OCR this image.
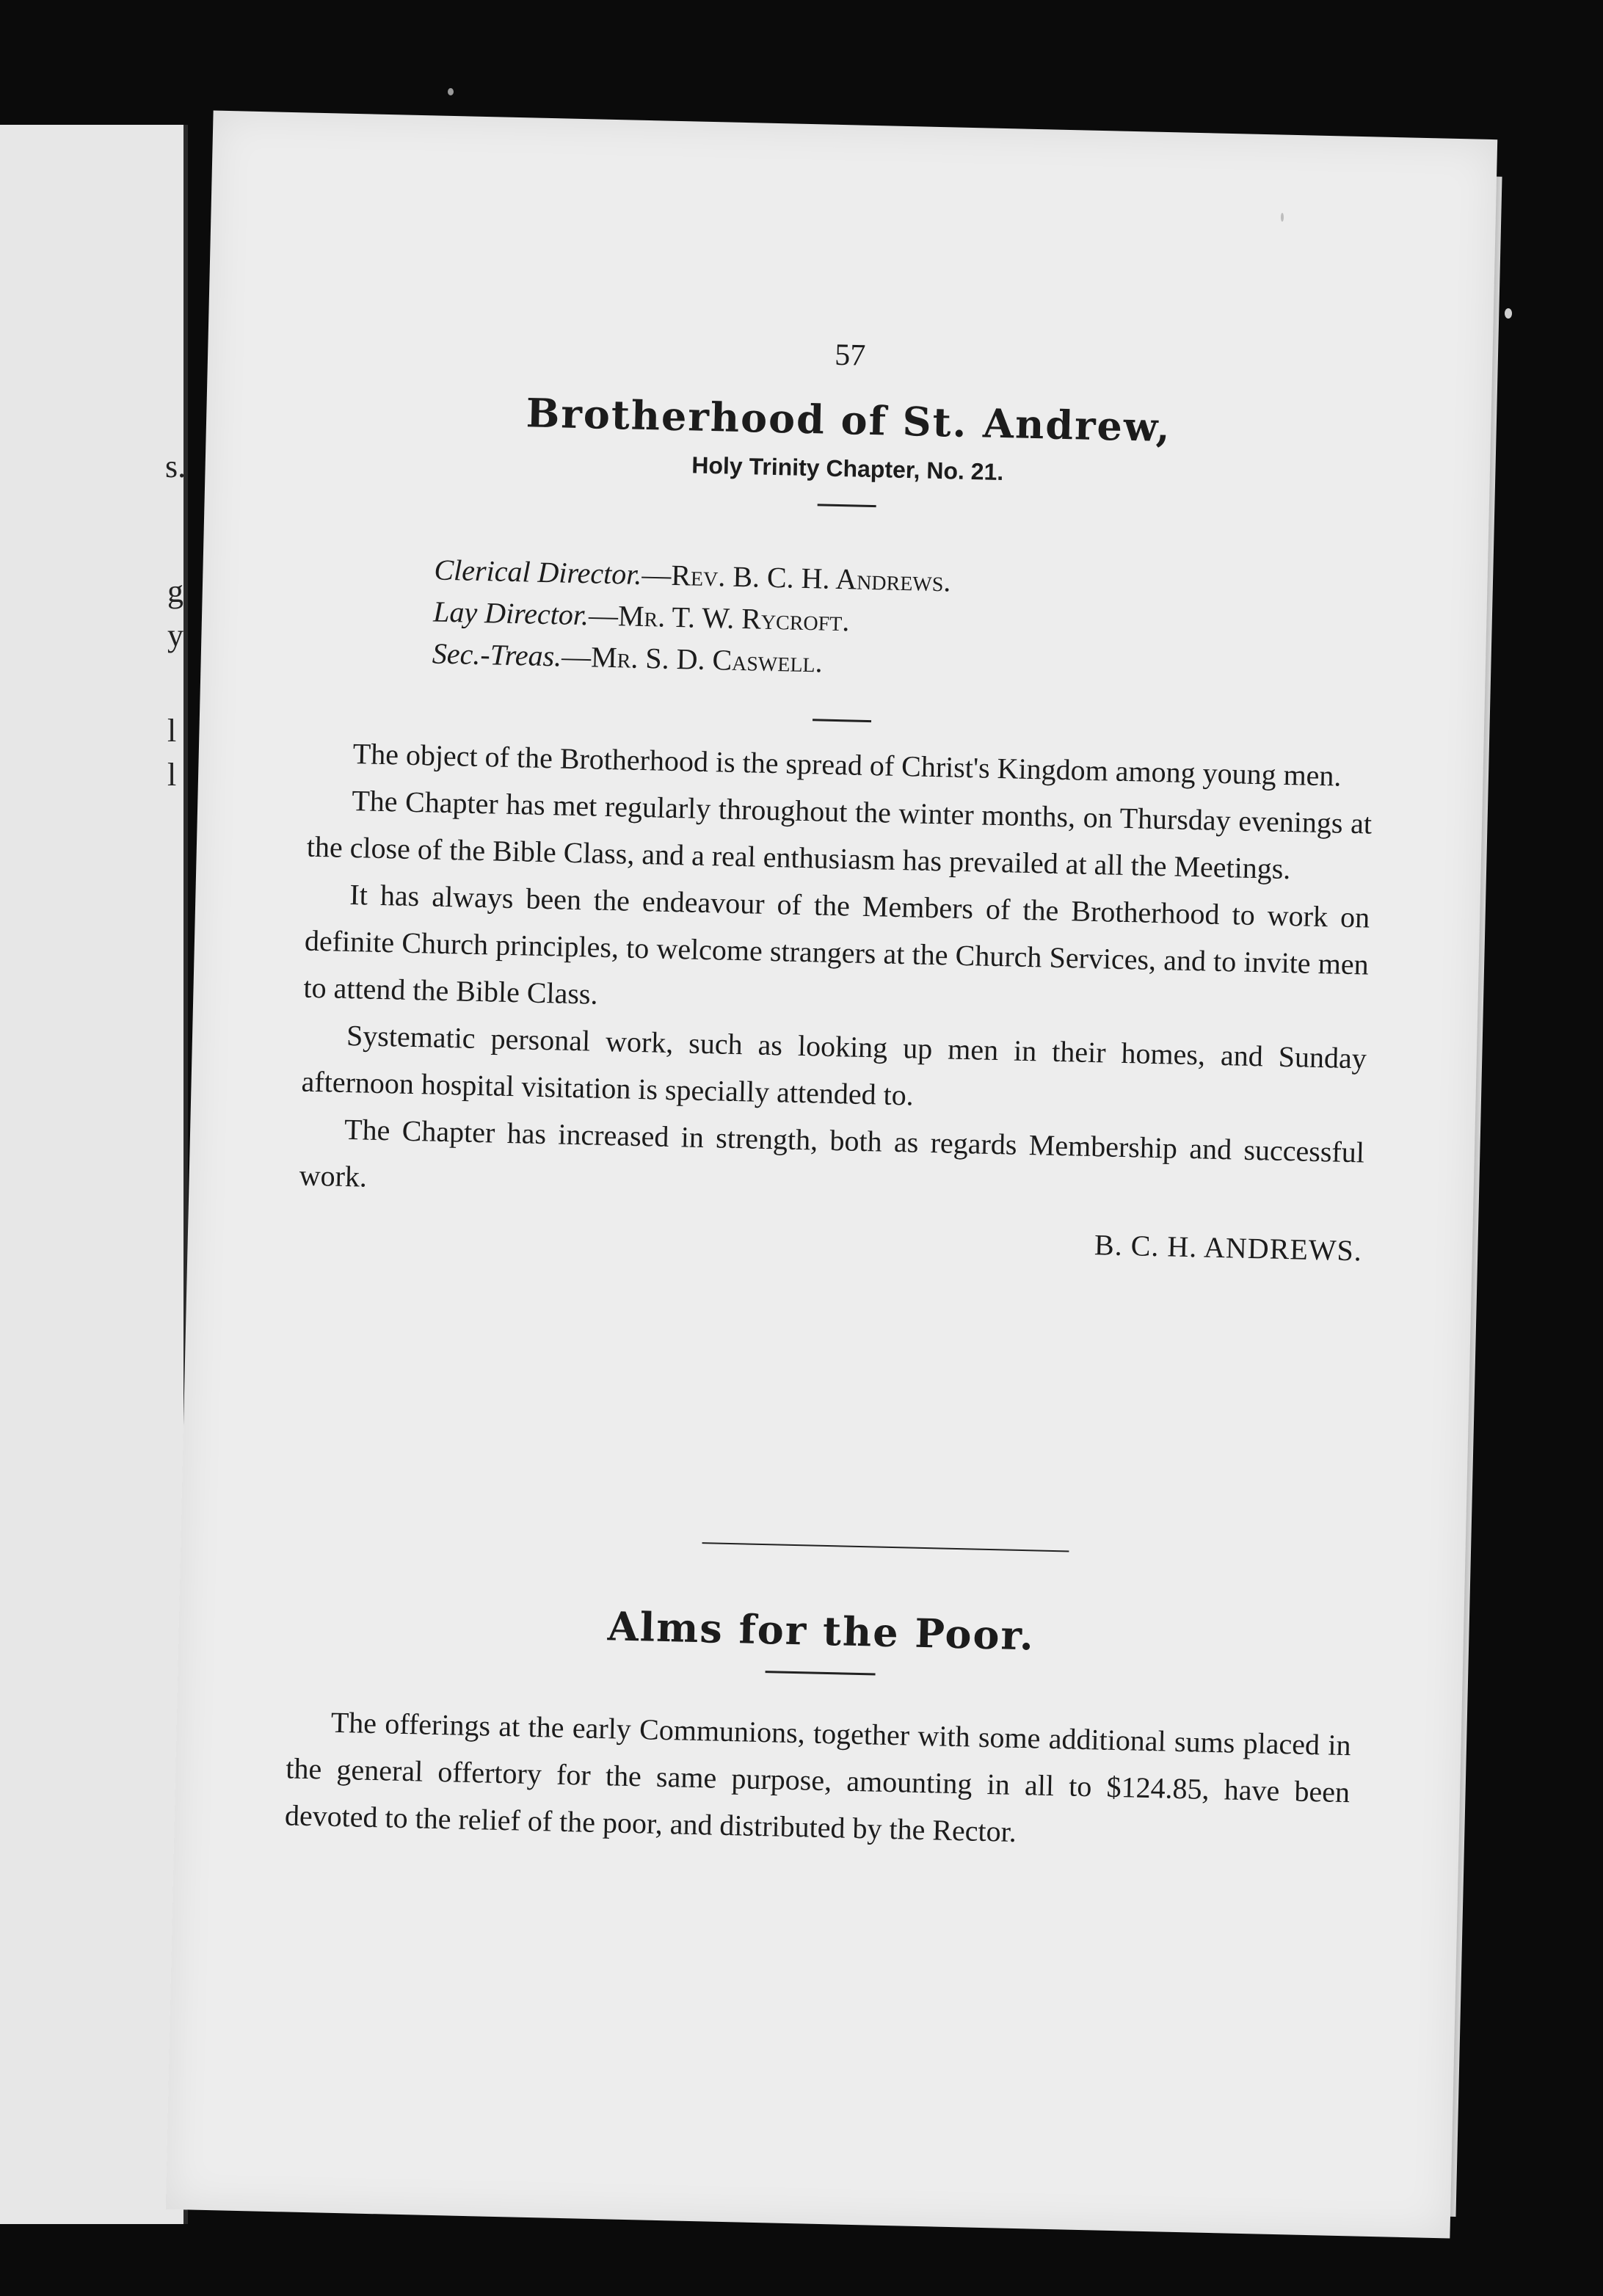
s.
g
y
l
l
57
Brotherhood of St. Andrew,
Holy Trinity Chapter, No. 21.
Clerical Director.—Rev. B. C. H. Andrews.
Lay Director.—Mr. T. W. Rycroft.
Sec.-Treas.—Mr. S. D. Caswell.

The object of the Brotherhood is the spread of Christ's Kingdom among young men.

The Chapter has met regularly throughout the winter months, on Thursday evenings at the close of the Bible Class, and a real enthusiasm has prevailed at all the Meetings.

It has always been the endeavour of the Members of the Brotherhood to work on definite Church principles, to welcome strangers at the Church Services, and to invite men to attend the Bible Class.

Systematic personal work, such as looking up men in their homes, and Sunday afternoon hospital visitation is specially attended to.

The Chapter has increased in strength, both as regards Membership and successful work.

B. C. H. ANDREWS.
Alms for the Poor.

The offerings at the early Communions, together with some additional sums placed in the general offertory for the same purpose, amounting in all to $124.85, have been devoted to the relief of the poor, and distributed by the Rector.
